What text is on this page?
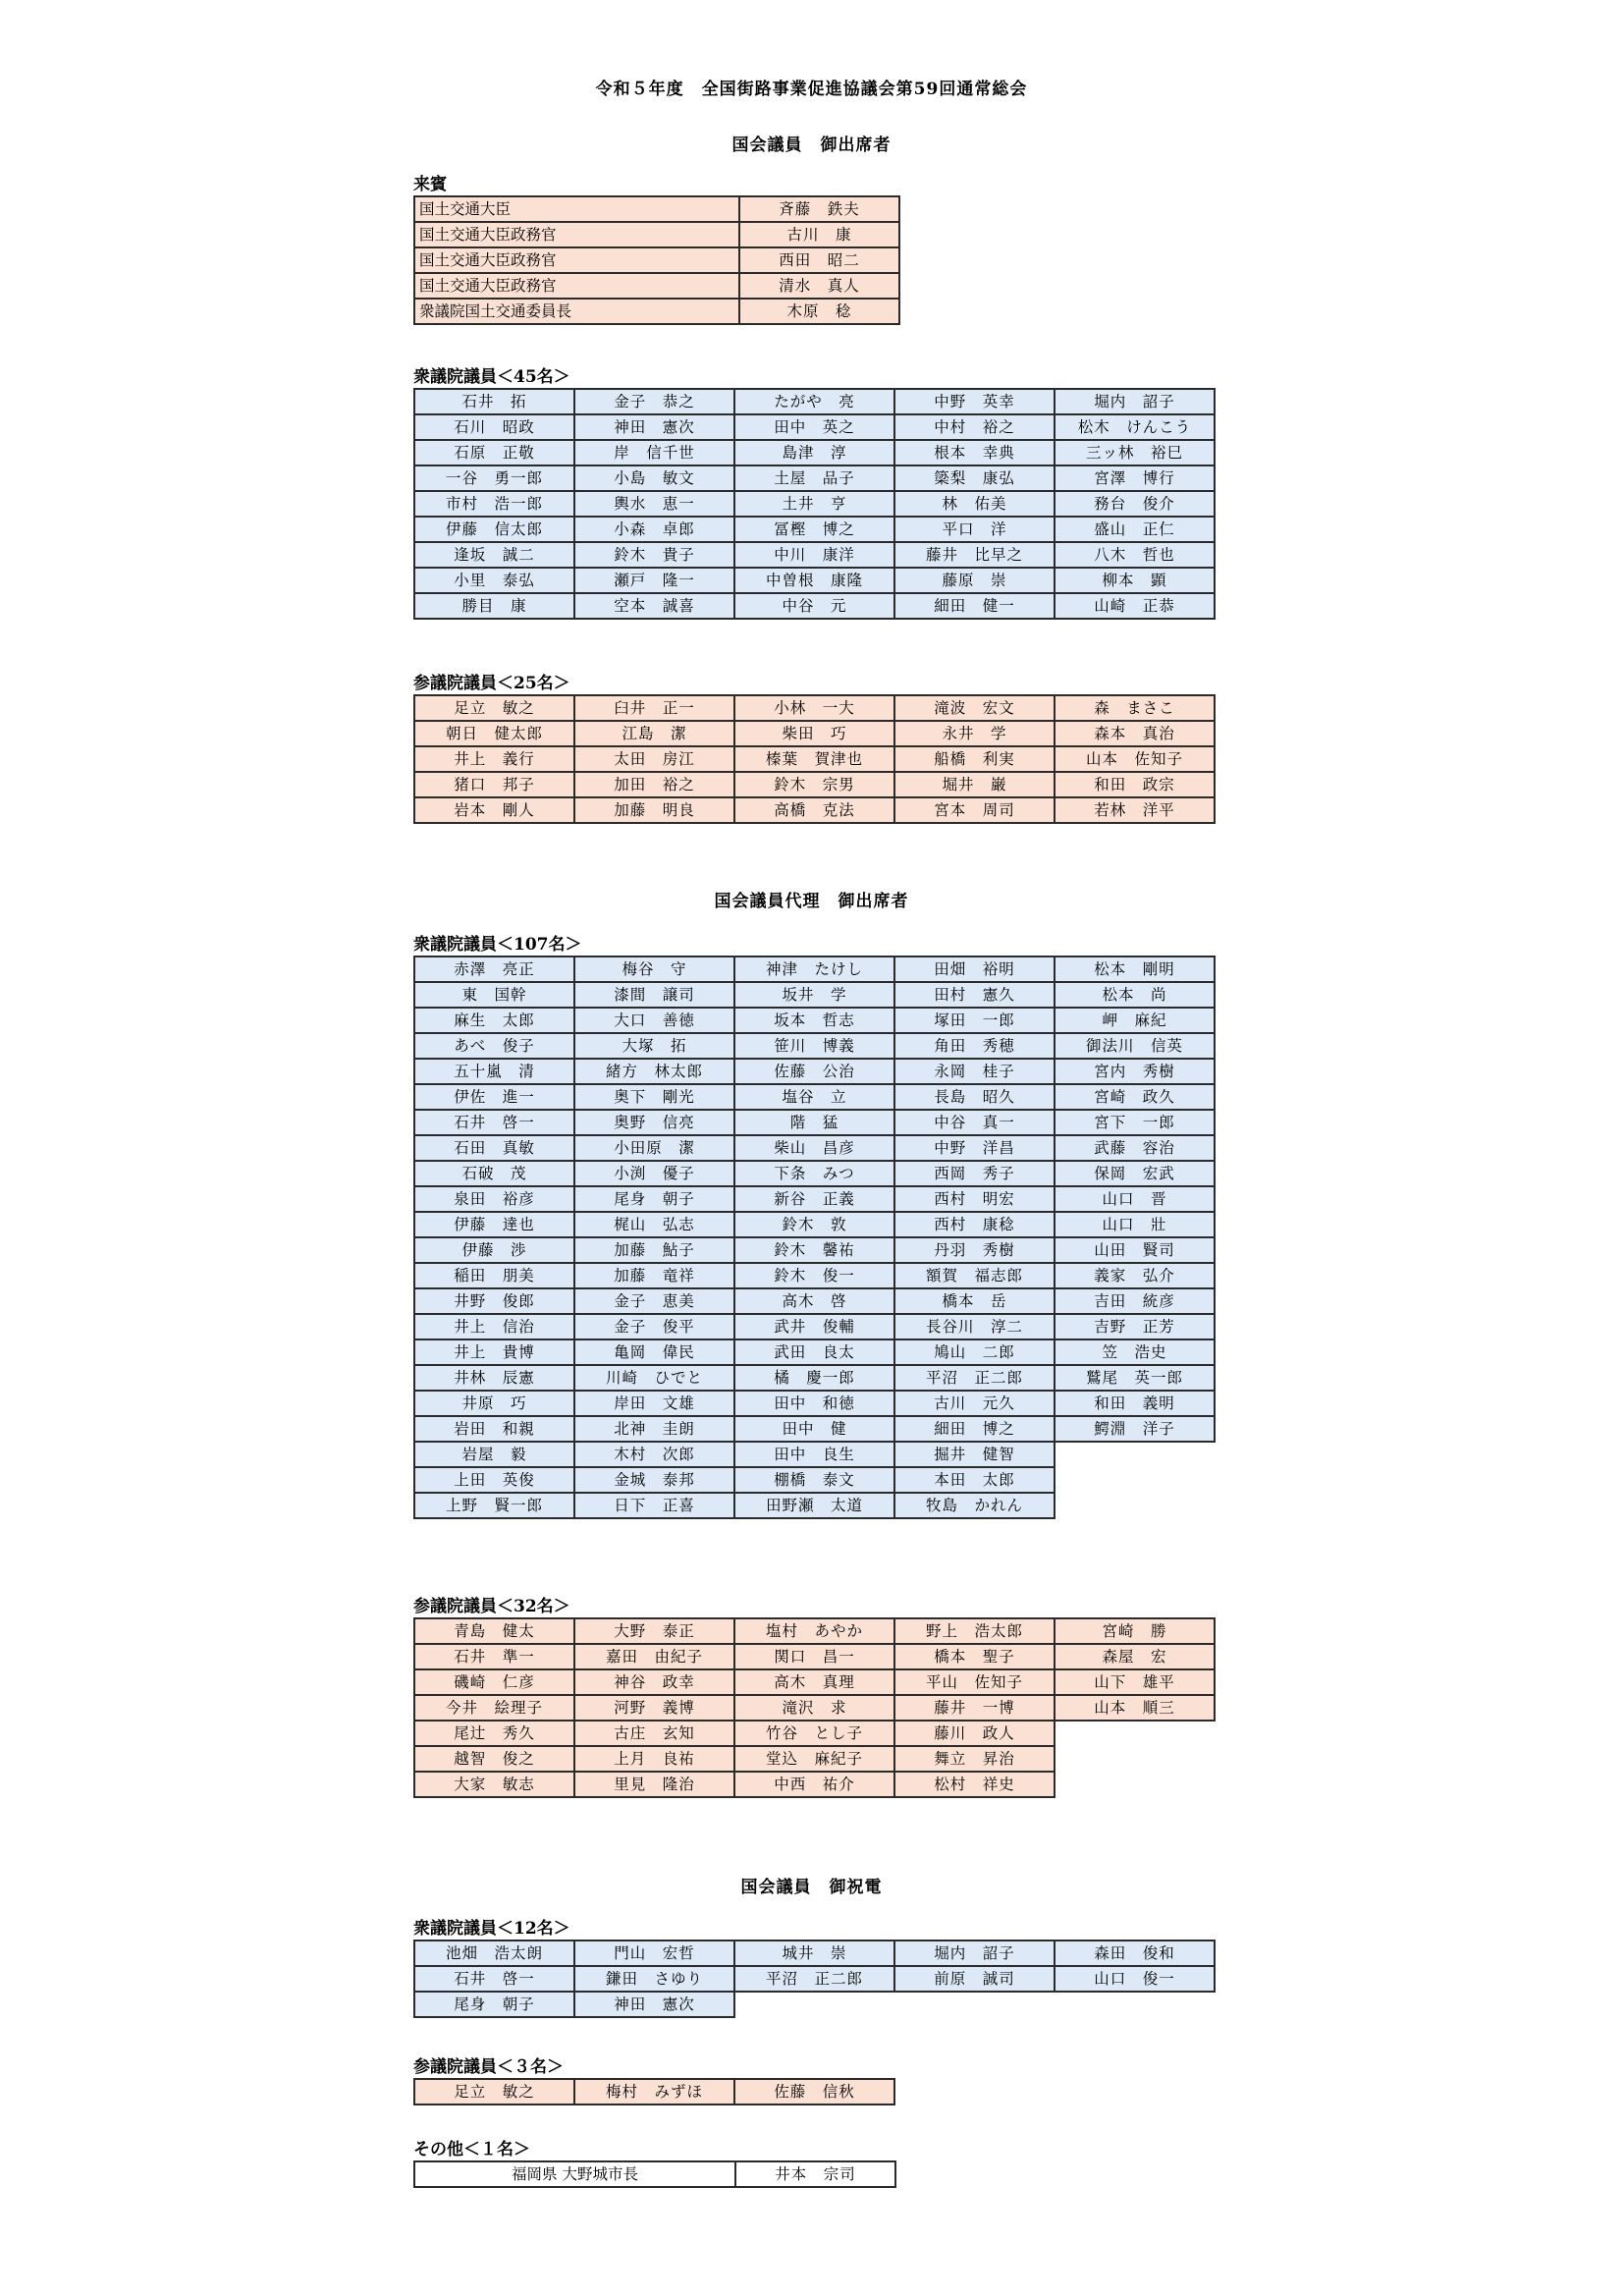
令和５年度　全国街路事業促進協議会第59回通常総会
国会議員　御出席者
来賓
国土交通大臣	斉藤　鉄夫
国土交通大臣政務官	古川　康
国土交通大臣政務官	西田　昭二
国土交通大臣政務官	清水　真人
衆議院国土交通委員長	木原　稔
衆議院議員＜45名＞
石井　拓	金子　恭之	たがや　亮	中野　英幸	堀内　詔子
石川　昭政	神田　憲次	田中　英之	中村　裕之	松木　けんこう
石原　正敬	岸　信千世	島津　淳	根本　幸典	三ッ林　裕巳
一谷　勇一郎	小島　敏文	土屋　品子	簗梨　康弘	宮澤　博行
市村　浩一郎	輿水　恵一	土井　亨	林　佑美	務台　俊介
伊藤　信太郎	小森　卓郎	冨樫　博之	平口　洋	盛山　正仁
逢坂　誠二	鈴木　貴子	中川　康洋	藤井　比早之	八木　哲也
小里　泰弘	瀬戸　隆一	中曽根　康隆	藤原　崇	柳本　顕
勝目　康	空本　誠喜	中谷　元	細田　健一	山崎　正恭
参議院議員＜25名＞
足立　敏之	臼井　正一	小林　一大	滝波　宏文	森　まさこ
朝日　健太郎	江島　潔	柴田　巧	永井　学	森本　真治
井上　義行	太田　房江	榛葉　賀津也	船橋　利実	山本　佐知子
猪口　邦子	加田　裕之	鈴木　宗男	堀井　巌	和田　政宗
岩本　剛人	加藤　明良	高橋　克法	宮本　周司	若林　洋平
国会議員代理　御出席者
衆議院議員＜107名＞
赤澤　亮正	梅谷　守	神津　たけし	田畑　裕明	松本　剛明
東　国幹	漆間　譲司	坂井　学	田村　憲久	松本　尚
麻生　太郎	大口　善徳	坂本　哲志	塚田　一郎	岬　麻紀
あべ　俊子	大塚　拓	笹川　博義	角田　秀穂	御法川　信英
五十嵐　清	緒方　林太郎	佐藤　公治	永岡　桂子	宮内　秀樹
伊佐　進一	奥下　剛光	塩谷　立	長島　昭久	宮崎　政久
石井　啓一	奥野　信亮	階　猛	中谷　真一	宮下　一郎
石田　真敏	小田原　潔	柴山　昌彦	中野　洋昌	武藤　容治
石破　茂	小渕　優子	下条　みつ	西岡　秀子	保岡　宏武
泉田　裕彦	尾身　朝子	新谷　正義	西村　明宏	山口　晋
伊藤　達也	梶山　弘志	鈴木　敦	西村　康稔	山口　壯
伊藤　渉	加藤　鮎子	鈴木　馨祐	丹羽　秀樹	山田　賢司
稲田　朋美	加藤　竜祥	鈴木　俊一	額賀　福志郎	義家　弘介
井野　俊郎	金子　恵美	高木　啓	橋本　岳	吉田　統彦
井上　信治	金子　俊平	武井　俊輔	長谷川　淳二	吉野　正芳
井上　貴博	亀岡　偉民	武田　良太	鳩山　二郎	笠　浩史
井林　辰憲	川崎　ひでと	橘　慶一郎	平沼　正二郎	鷲尾　英一郎
井原　巧	岸田　文雄	田中　和徳	古川　元久	和田　義明
岩田　和親	北神　圭朗	田中　健	細田　博之	鰐淵　洋子
岩屋　毅	木村　次郎	田中　良生	掘井　健智	
上田　英俊	金城　泰邦	棚橋　泰文	本田　太郎	
上野　賢一郎	日下　正喜	田野瀬　太道	牧島　かれん	
参議院議員＜32名＞
青島　健太	大野　泰正	塩村　あやか	野上　浩太郎	宮崎　勝
石井　準一	嘉田　由紀子	関口　昌一	橋本　聖子	森屋　宏
磯崎　仁彦	神谷　政幸	高木　真理	平山　佐知子	山下　雄平
今井　絵理子	河野　義博	滝沢　求	藤井　一博	山本　順三
尾辻　秀久	古庄　玄知	竹谷　とし子	藤川　政人	
越智　俊之	上月　良祐	堂込　麻紀子	舞立　昇治	
大家　敏志	里見　隆治	中西　祐介	松村　祥史	
国会議員　御祝電
衆議院議員＜12名＞
池畑　浩太朗	門山　宏哲	城井　崇	堀内　詔子	森田　俊和
石井　啓一	鎌田　さゆり	平沼　正二郎	前原　誠司	山口　俊一
尾身　朝子	神田　憲次			
参議院議員＜３名＞
足立　敏之	梅村　みずほ	佐藤　信秋
その他＜１名＞
福岡県 大野城市長	井本　宗司
